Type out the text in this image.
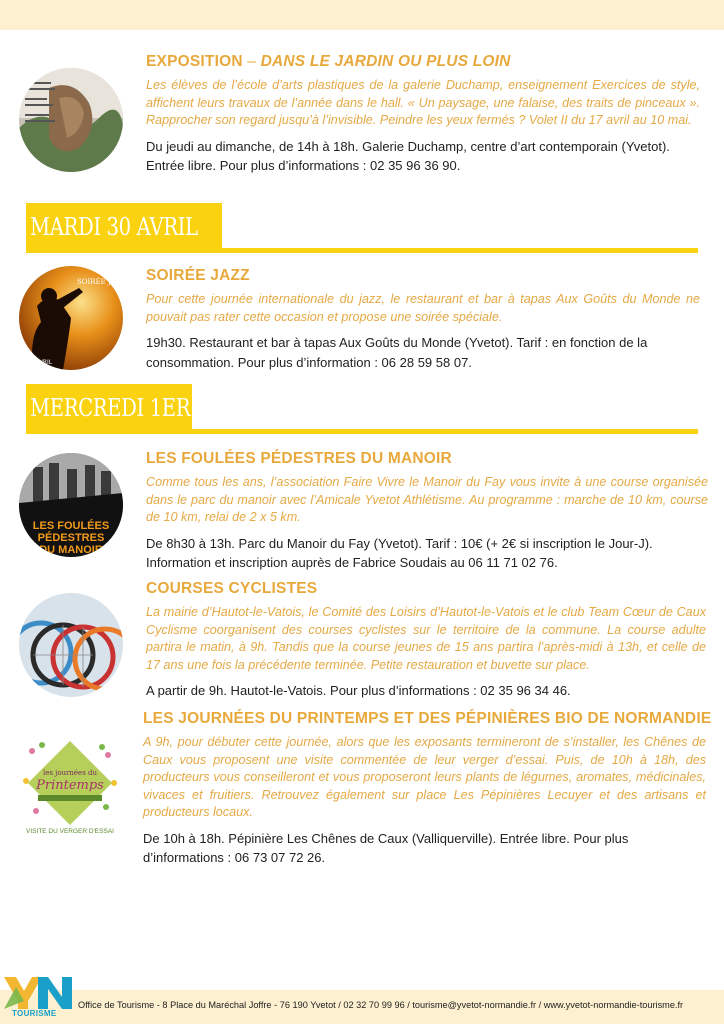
EXPOSITION – DANS LE JARDIN OU PLUS LOIN

Les élèves de l’école d’arts plastiques de la galerie Duchamp, enseignement Exercices de style, affichent leurs travaux de l’année dans le hall. « Un paysage, une falaise, des traits de pinceaux ». Rapprocher son regard jusqu’à l’invisible. Peindre les yeux fermés ? Volet II du 17 avril au 10 mai.

Du jeudi au dimanche, de 14h à 18h. Galerie Duchamp, centre d’art contemporain (Yvetot). Entrée libre. Pour plus d’informations : 02 35 96 36 90.

MARDI 30 AVRIL
SOIRÉE Jazz
AVRIL
SOIRÉE JAZZ

Pour cette journée internationale du jazz, le restaurant et bar à tapas Aux Goûts du Monde ne pouvait pas rater cette occasion et propose une soirée spéciale.

19h30. Restaurant et bar à tapas Aux Goûts du Monde (Yvetot). Tarif : en fonction de la consommation. Pour plus d’information : 06 28 59 58 07.

MERCREDI 1ER MAI
LES FOULÉES
PÉDESTRES
DU MANOIR
LES FOULÉES PÉDESTRES DU MANOIR

Comme tous les ans, l’association Faire Vivre le Manoir du Fay vous invite à une course organisée dans le parc du manoir avec l’Amicale Yvetot Athlétisme. Au programme : marche de 10 km, course de 10 km, relai de 2 x 5 km.

De 8h30 à 13h. Parc du Manoir du Fay (Yvetot). Tarif : 10€ (+ 2€ si inscription le Jour-J). Information et inscription auprès de Fabrice Soudais au 06 11 71 02 76.

COURSES CYCLISTES

La mairie d’Hautot-le-Vatois, le Comité des Loisirs d’Hautot-le-Vatois et le club Team Cœur de Caux Cyclisme coorganisent des courses cyclistes sur le territoire de la commune. La course adulte partira le matin, à 9h. Tandis que la course jeunes de 15 ans partira l’après-midi à 13h, et celle de 17 ans une fois la précédente terminée. Petite restauration et buvette sur place.

A partir de 9h. Hautot-le-Vatois. Pour plus d’informations : 02 35 96 34 46.

les journées du
Printemps
VISITE DU VERGER D'ESSAI
LES JOURNÉES DU PRINTEMPS ET DES PÉPINIÈRES BIO DE NORMANDIE

A 9h, pour débuter cette journée, alors que les exposants termineront de s’installer, les Chênes de Caux vous proposent une visite commentée de leur verger d’essai. Puis, de 10h à 18h, des producteurs vous conseilleront et vous proposeront leurs plants de légumes, aromates, médicinales, vivaces et fruitiers. Retrouvez également sur place Les Pépinières Lecuyer et des artisans et producteurs locaux.

De 10h à 18h. Pépinière Les Chênes de Caux (Valliquerville). Entrée libre. Pour plus d’informations : 06 73 07 72 26.

Office de Tourisme - 8 Place du Maréchal Joffre - 76 190 Yvetot / 02 32 70 99 96 / tourisme@yvetot-normandie.fr / www.yvetot-normandie-tourisme.fr
TOURISME
